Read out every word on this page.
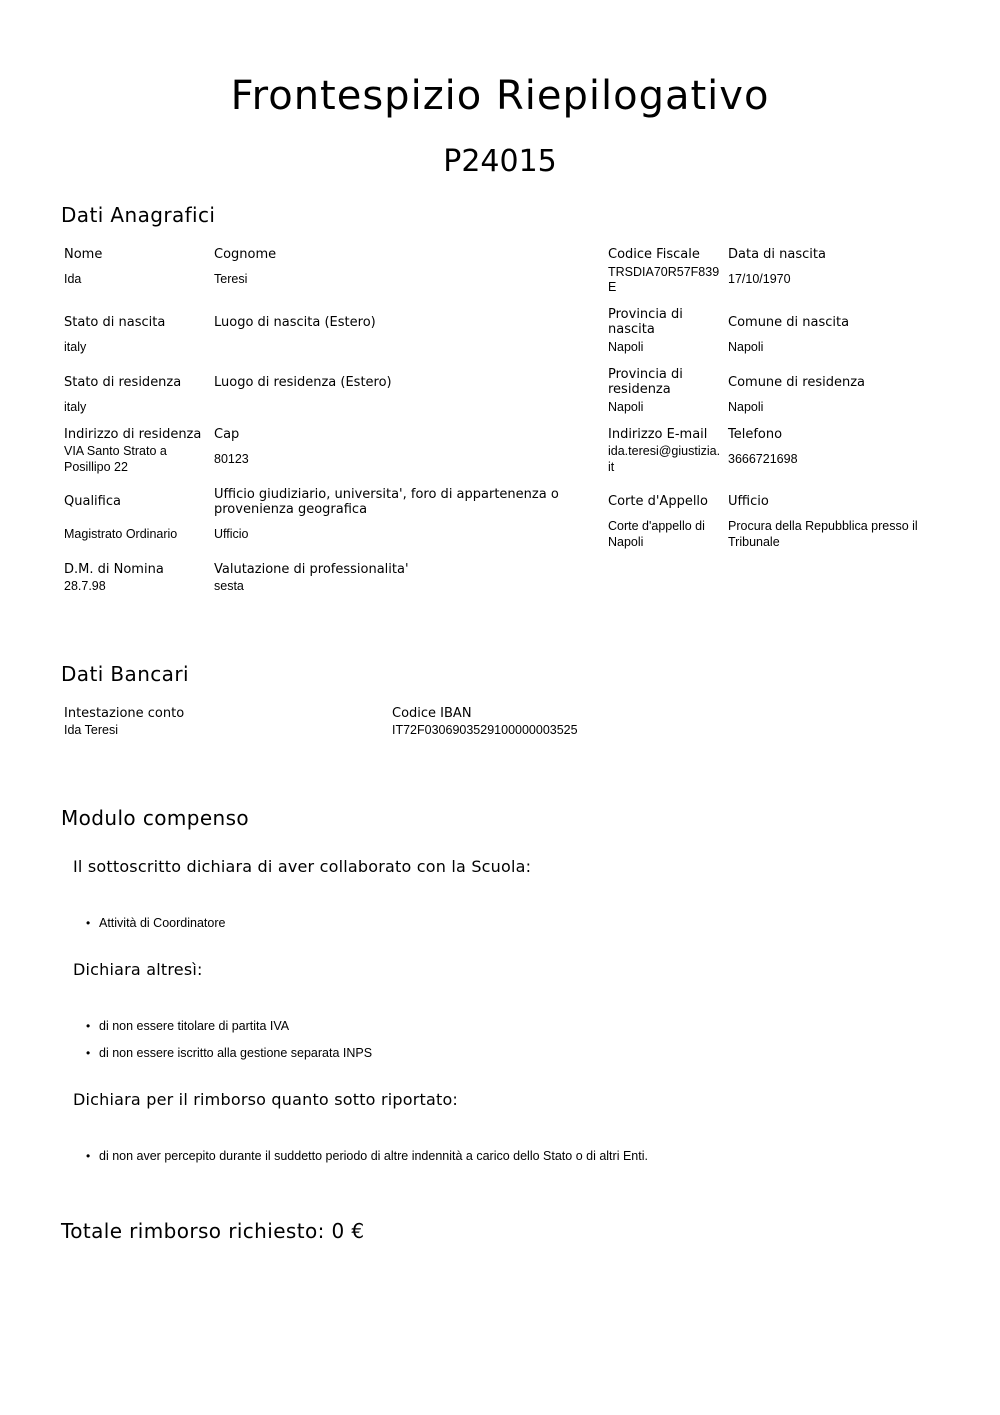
Frontespizio Riepilogativo
P24015
Dati Anagrafici
Nome
Ida
Cognome
Teresi
Codice Fiscale
TRSDIA70R57F839
E
Data di nascita
17/10/1970
Stato di nascita
italy
Luogo di nascita (Estero)
Provincia di
nascita
Napoli
Comune di nascita
Napoli
Stato di residenza
italy
Luogo di residenza (Estero)
Provincia di
residenza
Napoli
Comune di residenza
Napoli
Indirizzo di residenza
VIA Santo Strato a
Posillipo 22
Cap
80123
Indirizzo E-mail
ida.teresi@giustizia.
it
Telefono
3666721698
Qualifica
Magistrato Ordinario
Ufficio giudiziario, universita', foro di appartenenza o
provenienza geografica
Ufficio
Corte d'Appello
Corte d'appello di
Napoli
Ufficio
Procura della Repubblica presso il
Tribunale
D.M. di Nomina
28.7.98
Valutazione di professionalita'
sesta
Dati Bancari
Intestazione conto
Ida Teresi
Codice IBAN
IT72F0306903529100000003525
Modulo compenso
Il sottoscritto dichiara di aver collaborato con la Scuola:
• Attività di Coordinatore
Dichiara altresì:
• di non essere titolare di partita IVA
• di non essere iscritto alla gestione separata INPS
Dichiara per il rimborso quanto sotto riportato:
• di non aver percepito durante il suddetto periodo di altre indennità a carico dello Stato o di altri Enti.
Totale rimborso richiesto: 0 €
